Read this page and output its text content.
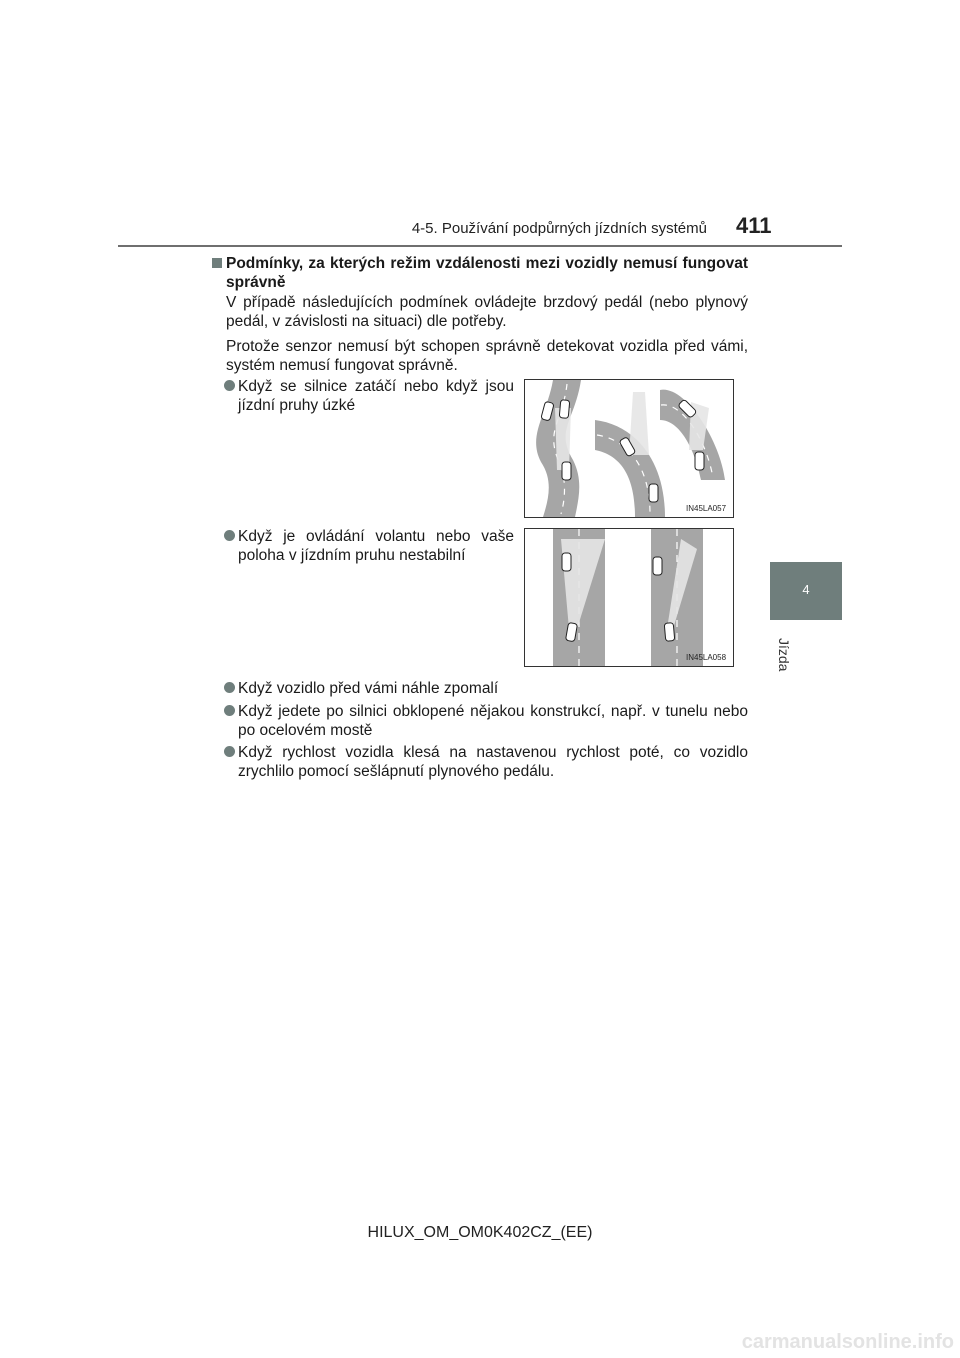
4-5. Používání podpůrných jízdních systémů 411
4
Jízda
Podmínky, za kterých režim vzdálenosti mezi vozidly nemusí fungovat správně
V případě následujících podmínek ovládejte brzdový pedál (nebo plynový pedál, v závislosti na situaci) dle potřeby.
Protože senzor nemusí být schopen správně detekovat vozidla před vámi, systém nemusí fungovat správně.
Když se silnice zatáčí nebo když jsou jízdní pruhy úzké
Když je ovládání volantu nebo vaše poloha v jízdním pruhu nestabilní
Když vozidlo před vámi náhle zpomalí
Když jedete po silnici obklopené nějakou konstrukcí, např. v tunelu nebo po ocelovém mostě
Když rychlost vozidla klesá na nastavenou rychlost poté, co vozidlo zrychlilo pomocí sešlápnutí plynového pedálu.
IN45LA057
IN45LA058
HILUX_OM_OM0K402CZ_(EE)
carmanualsonline.info
